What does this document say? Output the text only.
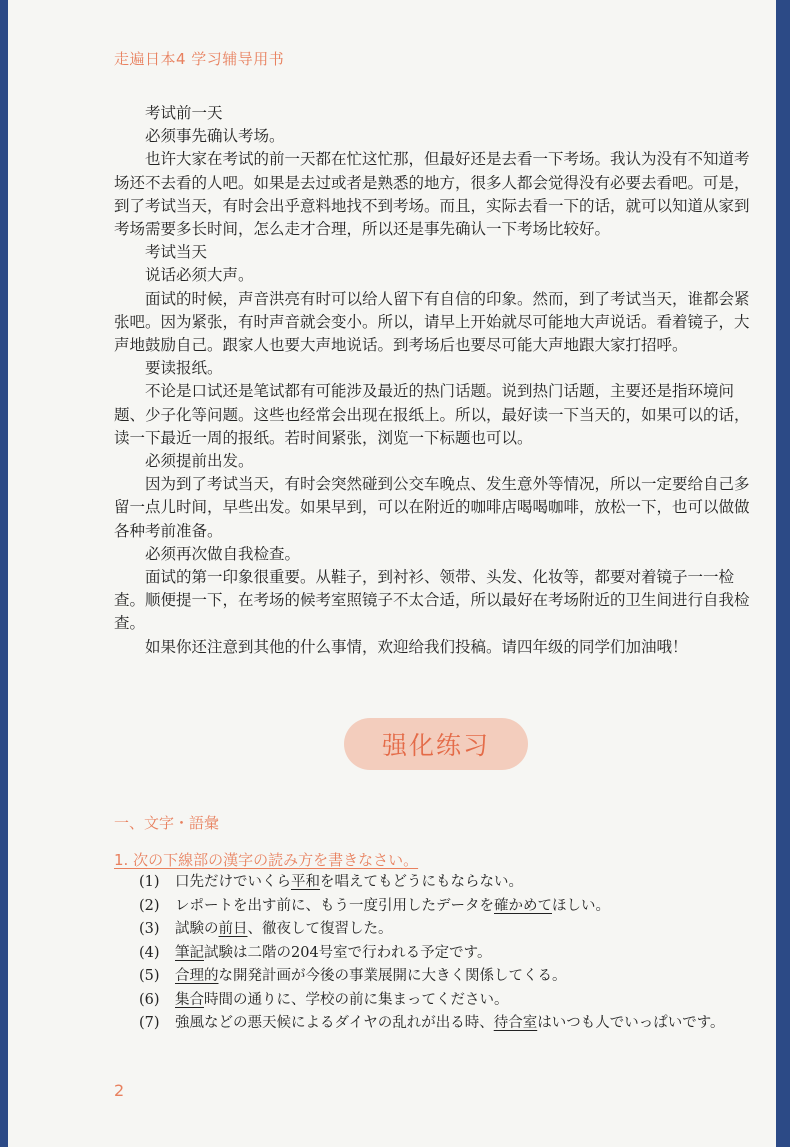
走遍日本4 学习辅导用书

考试前一天

必须事先确认考场。

也许大家在考试的前一天都在忙这忙那，但最好还是去看一下考场。我认为没有不知道考场还不去看的人吧。如果是去过或者是熟悉的地方，很多人都会觉得没有必要去看吧。可是，到了考试当天，有时会出乎意料地找不到考场。而且，实际去看一下的话，就可以知道从家到考场需要多长时间，怎么走才合理，所以还是事先确认一下考场比较好。

考试当天

说话必须大声。

面试的时候，声音洪亮有时可以给人留下有自信的印象。然而，到了考试当天，谁都会紧张吧。因为紧张，有时声音就会变小。所以，请早上开始就尽可能地大声说话。看着镜子，大声地鼓励自己。跟家人也要大声地说话。到考场后也要尽可能大声地跟大家打招呼。

要读报纸。

不论是口试还是笔试都有可能涉及最近的热门话题。说到热门话题，主要还是指环境问题、少子化等问题。这些也经常会出现在报纸上。所以，最好读一下当天的，如果可以的话，读一下最近一周的报纸。若时间紧张，浏览一下标题也可以。

必须提前出发。

因为到了考试当天，有时会突然碰到公交车晚点、发生意外等情况，所以一定要给自己多留一点儿时间，早些出发。如果早到，可以在附近的咖啡店喝喝咖啡，放松一下，也可以做做各种考前准备。

必须再次做自我检查。

面试的第一印象很重要。从鞋子，到衬衫、领带、头发、化妆等，都要对着镜子一一检查。顺便提一下，在考场的候考室照镜子不太合适，所以最好在考场附近的卫生间进行自我检查。

如果你还注意到其他的什么事情，欢迎给我们投稿。请四年级的同学们加油哦！

强化练习
一、文字・語彙
1. 次の下線部の漢字の読み方を書きなさい。
(1)	口先だけでいくら平和を唱えてもどうにもならない。
(2)	レポートを出す前に、もう一度引用したデータを確かめてほしい。
(3)	試験の前日、徹夜して復習した。
(4)	筆記試験は二階の204号室で行われる予定です。
(5)	合理的な開発計画が今後の事業展開に大きく関係してくる。
(6)	集合時間の通りに、学校の前に集まってください。
(7)	強風などの悪天候によるダイヤの乱れが出る時、待合室はいつも人でいっぱいです。
2
